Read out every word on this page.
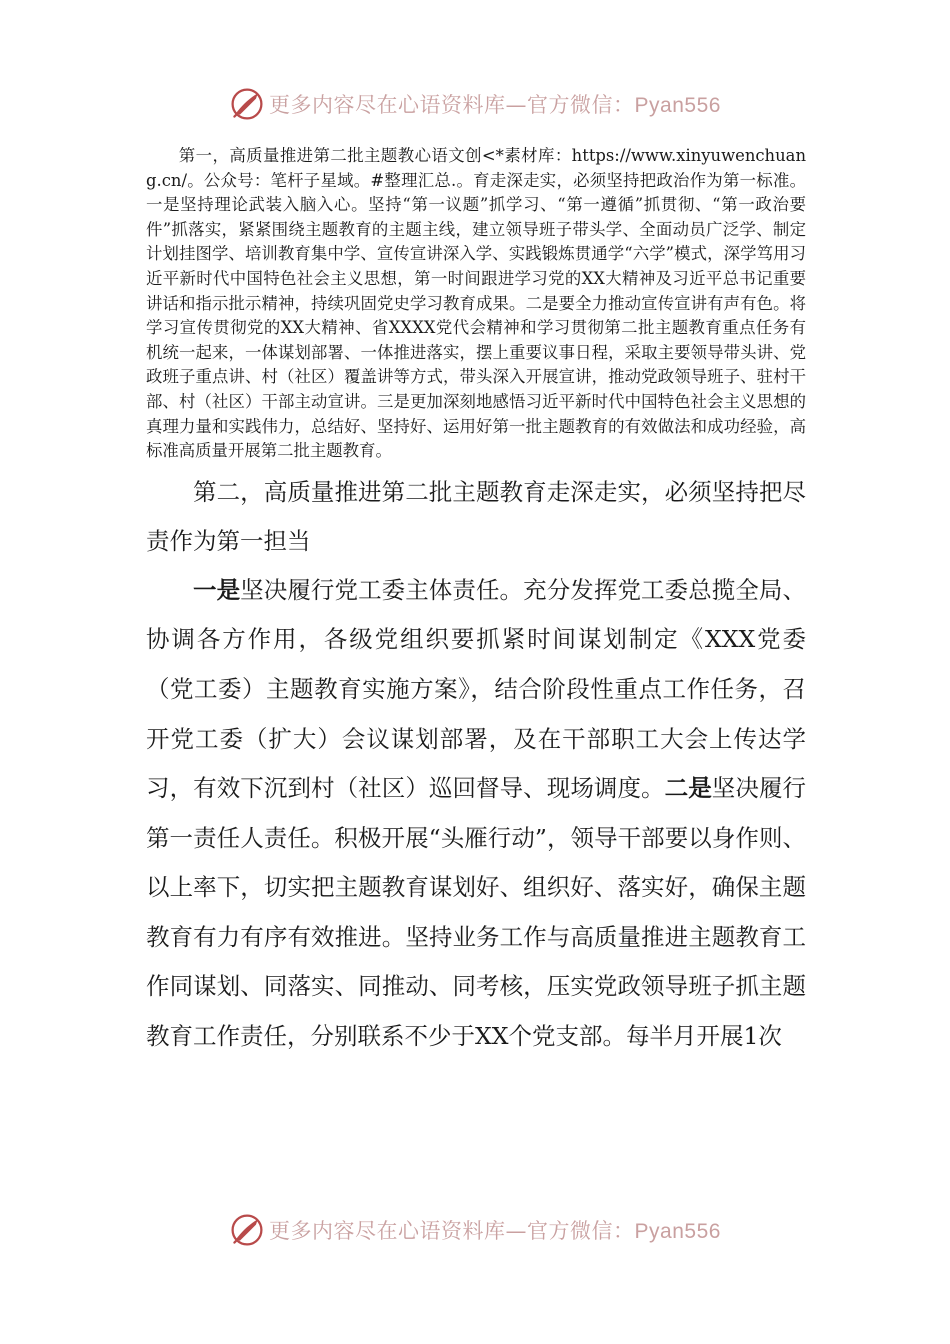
更多内容尽在心语资料库—官方微信：Pyan556

第一，高质量推进第二批主题教心语文创<*素材库：https://www.xinyuwenchuang.cn/。公众号：笔杆子星域。#整理汇总.。育走深走实，必须坚持把政治作为第一标准。一是坚持理论武装入脑入心。坚持“第一议题”抓学习、“第一遵循”抓贯彻、“第一政治要件”抓落实，紧紧围绕主题教育的主题主线，建立领导班子带头学、全面动员广泛学、制定计划挂图学、培训教育集中学、宣传宣讲深入学、实践锻炼贯通学“六学”模式，深学笃用习近平新时代中国特色社会主义思想，第一时间跟进学习党的XX大精神及习近平总书记重要讲话和指示批示精神，持续巩固党史学习教育成果。二是要全力推动宣传宣讲有声有色。将学习宣传贯彻党的XX大精神、省XXXX党代会精神和学习贯彻第二批主题教育重点任务有机统一起来，一体谋划部署、一体推进落实，摆上重要议事日程，采取主要领导带头讲、党政班子重点讲、村（社区）覆盖讲等方式，带头深入开展宣讲，推动党政领导班子、驻村干部、村（社区）干部主动宣讲。三是更加深刻地感悟习近平新时代中国特色社会主义思想的真理力量和实践伟力，总结好、坚持好、运用好第一批主题教育的有效做法和成功经验，高标准高质量开展第二批主题教育。

第二，高质量推进第二批主题教育走深走实，必须坚持把尽责作为第一担当

一是坚决履行党工委主体责任。充分发挥党工委总揽全局、协调各方作用，各级党组织要抓紧时间谋划制定《XXX党委（党工委）主题教育实施方案》，结合阶段性重点工作任务，召开党工委（扩大）会议谋划部署，及在干部职工大会上传达学习，有效下沉到村（社区）巡回督导、现场调度。二是坚决履行第一责任人责任。积极开展“头雁行动”，领导干部要以身作则、以上率下，切实把主题教育谋划好、组织好、落实好，确保主题教育有力有序有效推进。坚持业务工作与高质量推进主题教育工作同谋划、同落实、同推动、同考核，压实党政领导班子抓主题教育工作责任，分别联系不少于XX个党支部。每半月开展1次

更多内容尽在心语资料库—官方微信：Pyan556
